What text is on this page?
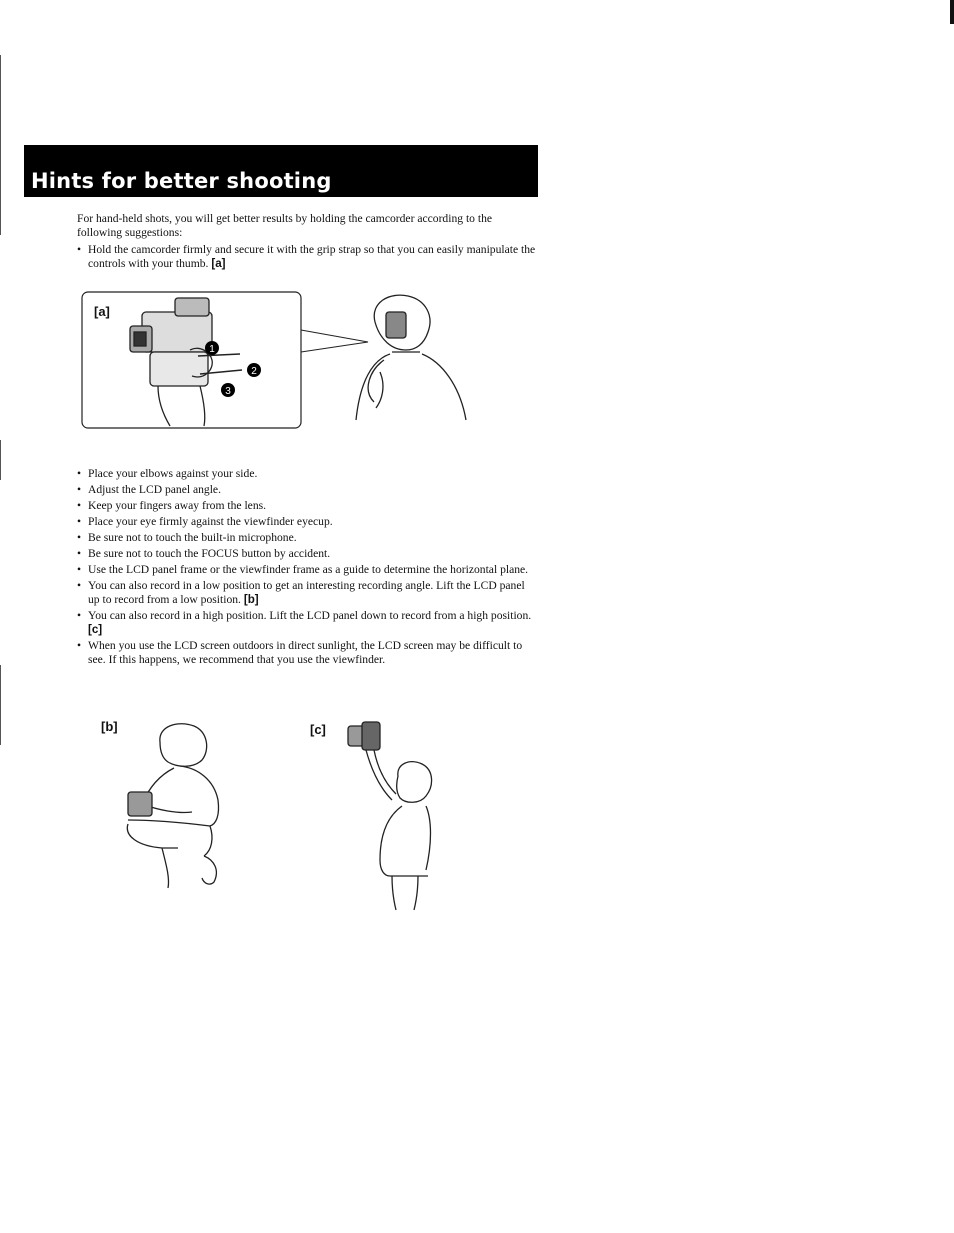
Hints for better shooting

For hand-held shots, you will get better results by holding the camcorder according to the following suggestions:

• Hold the camcorder firmly and secure it with the grip strap so that you can easily manipulate the controls with your thumb. [a]
1
2
3
[a]
• Place your elbows against your side.
• Adjust the LCD panel angle.
• Keep your fingers away from the lens.
• Place your eye firmly against the viewfinder eyecup.
• Be sure not to touch the built-in microphone.
• Be sure not to touch the FOCUS button by accident.
• Use the LCD panel frame or the viewfinder frame as a guide to determine the horizontal plane.
• You can also record in a low position to get an interesting recording angle. Lift the LCD panel up to record from a low position. [b]
• You can also record in a high position. Lift the LCD panel down to record from a high position. [c]
• When you use the LCD screen outdoors in direct sunlight, the LCD screen may be difficult to see. If this happens, we recommend that you use the viewfinder.
[b]	[c]
